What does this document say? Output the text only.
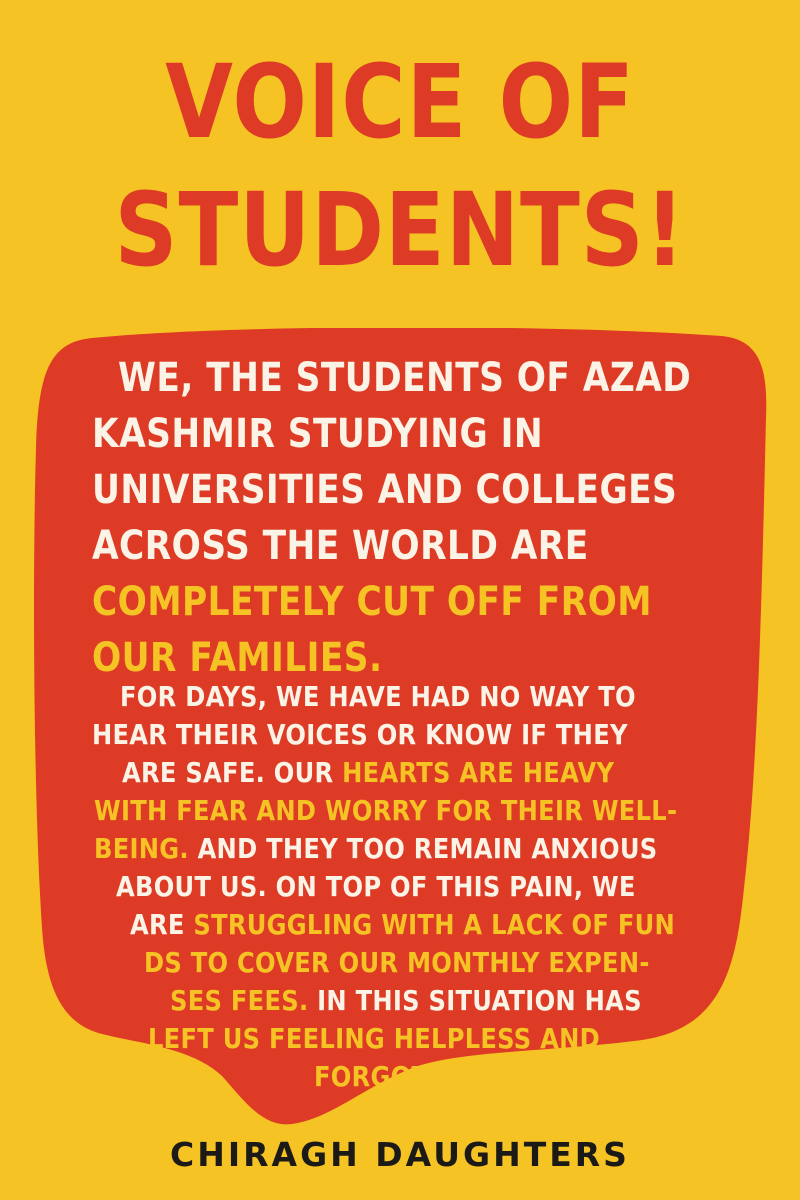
VOICE OF
STUDENTS!
WE, THE STUDENTS OF AZAD
KASHMIR STUDYING IN
UNIVERSITIES AND COLLEGES
ACROSS THE WORLD ARE
COMPLETELY CUT OFF FROM
OUR FAMILIES.
FOR DAYS, WE HAVE HAD NO WAY TO
HEAR THEIR VOICES OR KNOW IF THEY
ARE SAFE. OUR HEARTS ARE HEAVY
WITH FEAR AND WORRY FOR THEIR WELL-
BEING. AND THEY TOO REMAIN ANXIOUS
ABOUT US. ON TOP OF THIS PAIN, WE
ARE STRUGGLING WITH A LACK OF FUN
DS TO COVER OUR MONTHLY EXPEN-
SES FEES. IN THIS SITUATION HAS
LEFT US FEELING HELPLESS AND
FORGOTTEN.
CHIRAGH DAUGHTERS
